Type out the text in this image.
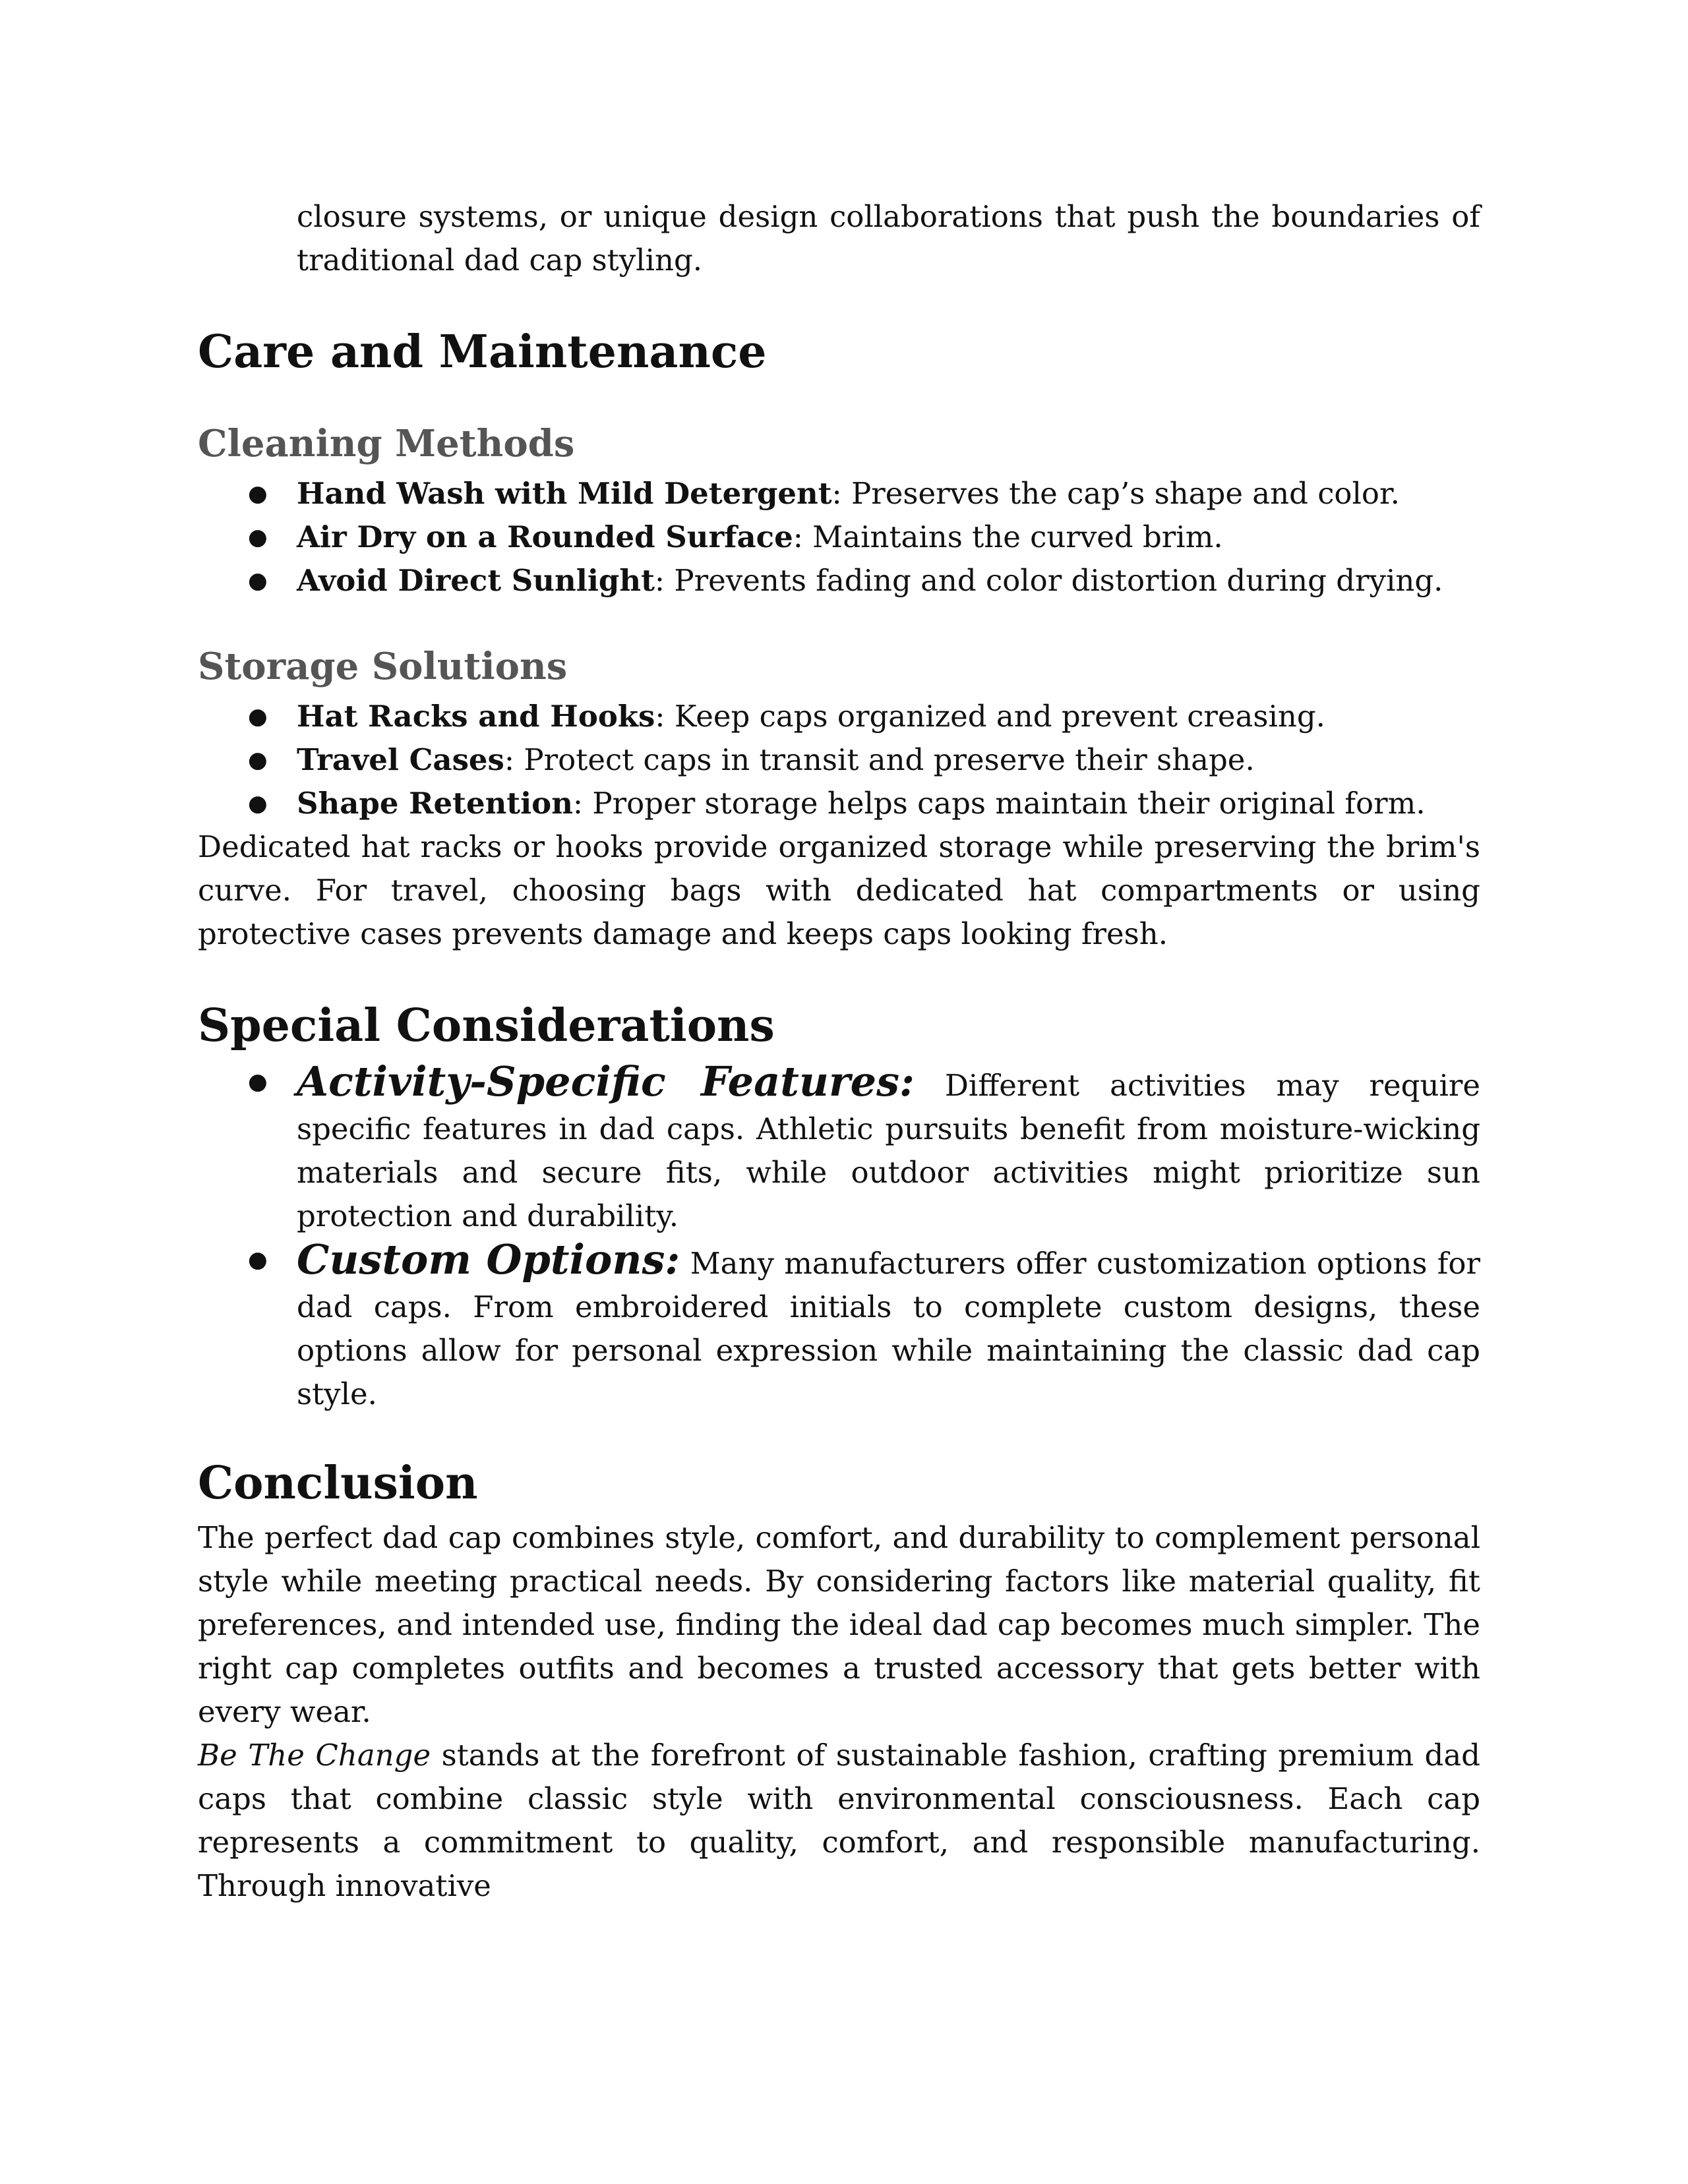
closure systems, or unique design collaborations that push the boundaries of traditional dad cap styling.

Care and Maintenance
Cleaning Methods
● Hand Wash with Mild Detergent: Preserves the cap’s shape and color.
● Air Dry on a Rounded Surface: Maintains the curved brim.
● Avoid Direct Sunlight: Prevents fading and color distortion during drying.
Storage Solutions
● Hat Racks and Hooks: Keep caps organized and prevent creasing.
● Travel Cases: Protect caps in transit and preserve their shape.
● Shape Retention: Proper storage helps caps maintain their original form.

Dedicated hat racks or hooks provide organized storage while preserving the brim's curve. For travel, choosing bags with dedicated hat compartments or using protective cases prevents damage and keeps caps looking fresh.

Special Considerations
● Activity-Specific Features: Different activities may require specific features in dad caps. Athletic pursuits benefit from moisture-wicking materials and secure fits, while outdoor activities might prioritize sun protection and durability.
● Custom Options: Many manufacturers offer customization options for dad caps. From embroidered initials to complete custom designs, these options allow for personal expression while maintaining the classic dad cap style.
Conclusion

The perfect dad cap combines style, comfort, and durability to complement personal style while meeting practical needs. By considering factors like material quality, fit preferences, and intended use, finding the ideal dad cap becomes much simpler. The right cap completes outfits and becomes a trusted accessory that gets better with every wear.

Be The Change stands at the forefront of sustainable fashion, crafting premium dad caps that combine classic style with environmental consciousness. Each cap represents a commitment to quality, comfort, and responsible manufacturing. Through innovative
